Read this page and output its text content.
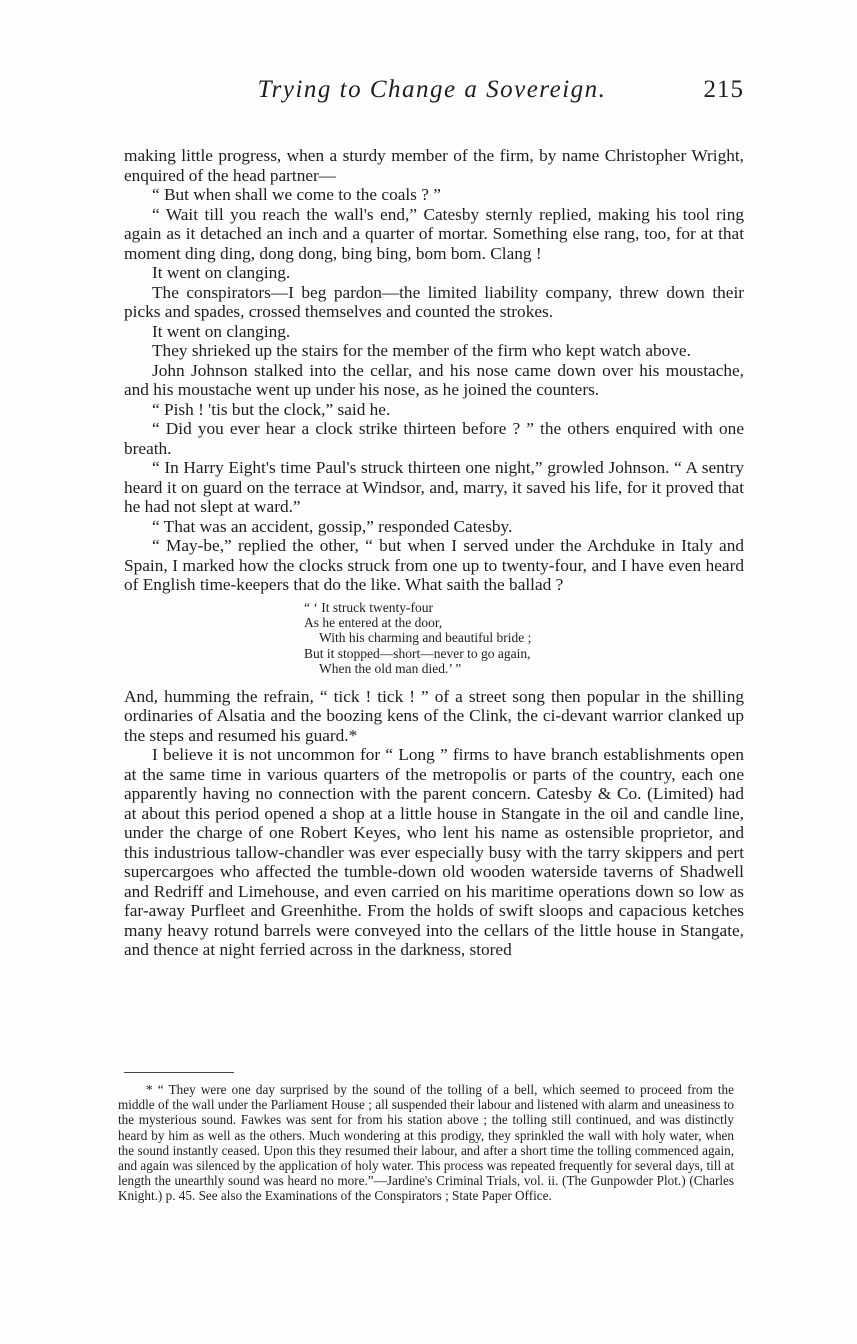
Trying to Change a Sovereign.	215

making little progress, when a sturdy member of the firm, by name Christopher Wright, enquired of the head partner—

“ But when shall we come to the coals ? ”

“ Wait till you reach the wall's end,” Catesby sternly replied, making his tool ring again as it detached an inch and a quarter of mortar. Something else rang, too, for at that moment ding ding, dong dong, bing bing, bom bom. Clang !

It went on clanging.

The conspirators—I beg pardon—the limited liability company, threw down their picks and spades, crossed themselves and counted the strokes.

It went on clanging.

They shrieked up the stairs for the member of the firm who kept watch above.

John Johnson stalked into the cellar, and his nose came down over his moustache, and his moustache went up under his nose, as he joined the counters.

“ Pish ! 'tis but the clock,” said he.

“ Did you ever hear a clock strike thirteen before ? ” the others enquired with one breath.

“ In Harry Eight's time Paul's struck thirteen one night,” growled Johnson. “ A sentry heard it on guard on the terrace at Windsor, and, marry, it saved his life, for it proved that he had not slept at ward.”

“ That was an accident, gossip,” responded Catesby.

“ May-be,” replied the other, “ but when I served under the Archduke in Italy and Spain, I marked how the clocks struck from one up to twenty-four, and I have even heard of English time-keepers that do the like. What saith the ballad ?

“ ‘ It struck twenty-four
As he entered at the door,
With his charming and beautiful bride ;
But it stopped—short—never to go again,
When the old man died.’ ”

And, humming the refrain, “ tick ! tick ! ” of a street song then popular in the shilling ordinaries of Alsatia and the boozing kens of the Clink, the ci-devant warrior clanked up the steps and resumed his guard.*

I believe it is not uncommon for “ Long ” firms to have branch establishments open at the same time in various quarters of the metropolis or parts of the country, each one apparently having no connection with the parent concern. Catesby & Co. (Limited) had at about this period opened a shop at a little house in Stangate in the oil and candle line, under the charge of one Robert Keyes, who lent his name as ostensible proprietor, and this industrious tallow-chandler was ever especially busy with the tarry skippers and pert supercargoes who affected the tumble-down old wooden waterside taverns of Shadwell and Redriff and Limehouse, and even carried on his maritime operations down so low as far-away Purfleet and Greenhithe. From the holds of swift sloops and capacious ketches many heavy rotund barrels were conveyed into the cellars of the little house in Stangate, and thence at night ferried across in the darkness, stored

* “ They were one day surprised by the sound of the tolling of a bell, which seemed to proceed from the middle of the wall under the Parliament House ; all suspended their labour and listened with alarm and uneasiness to the mysterious sound. Fawkes was sent for from his station above ; the tolling still continued, and was distinctly heard by him as well as the others. Much wondering at this prodigy, they sprinkled the wall with holy water, when the sound instantly ceased. Upon this they resumed their labour, and after a short time the tolling commenced again, and again was silenced by the application of holy water. This process was repeated frequently for several days, till at length the unearthly sound was heard no more.”—Jardine's Criminal Trials, vol. ii. (The Gunpowder Plot.) (Charles Knight.) p. 45. See also the Examinations of the Conspirators ; State Paper Office.
